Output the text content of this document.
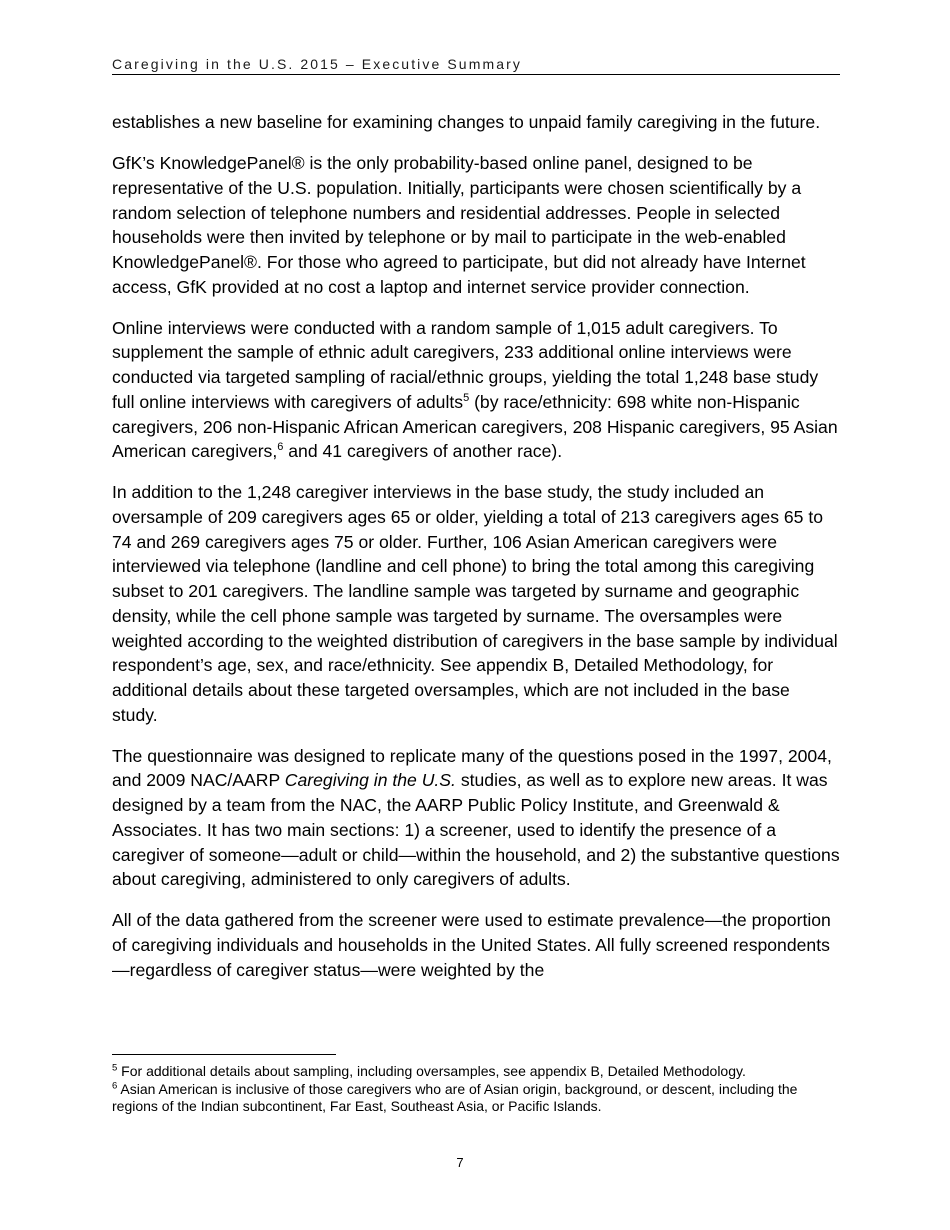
Caregiving in the U.S. 2015 – Executive Summary

establishes a new baseline for examining changes to unpaid family caregiving in the future.

GfK’s KnowledgePanel® is the only probability-based online panel, designed to be representative of the U.S. population. Initially, participants were chosen scientifically by a random selection of telephone numbers and residential addresses. People in selected households were then invited by telephone or by mail to participate in the web-enabled KnowledgePanel®. For those who agreed to participate, but did not already have Internet access, GfK provided at no cost a laptop and internet service provider connection.

Online interviews were conducted with a random sample of 1,015 adult caregivers. To supplement the sample of ethnic adult caregivers, 233 additional online interviews were conducted via targeted sampling of racial/ethnic groups, yielding the total 1,248 base study full online interviews with caregivers of adults$^5$ (by race/ethnicity: 698 white non-Hispanic caregivers, 206 non-Hispanic African American caregivers, 208 Hispanic caregivers, 95 Asian American caregivers,$^6$ and 41 caregivers of another race).

In addition to the 1,248 caregiver interviews in the base study, the study included an oversample of 209 caregivers ages 65 or older, yielding a total of 213 caregivers ages 65 to 74 and 269 caregivers ages 75 or older. Further, 106 Asian American caregivers were interviewed via telephone (landline and cell phone) to bring the total among this caregiving subset to 201 caregivers. The landline sample was targeted by surname and geographic density, while the cell phone sample was targeted by surname. The oversamples were weighted according to the weighted distribution of caregivers in the base sample by individual respondent’s age, sex, and race/ethnicity. See appendix B, Detailed Methodology, for additional details about these targeted oversamples, which are not included in the base study.

The questionnaire was designed to replicate many of the questions posed in the 1997, 2004, and 2009 NAC/AARP Caregiving in the U.S. studies, as well as to explore new areas. It was designed by a team from the NAC, the AARP Public Policy Institute, and Greenwald & Associates. It has two main sections: 1) a screener, used to identify the presence of a caregiver of someone—adult or child—within the household, and 2) the substantive questions about caregiving, administered to only caregivers of adults.

All of the data gathered from the screener were used to estimate prevalence—the proportion of caregiving individuals and households in the United States. All fully screened respondents—regardless of caregiver status—were weighted by the

$^5$ For additional details about sampling, including oversamples, see appendix B, Detailed Methodology.

$^6$ Asian American is inclusive of those caregivers who are of Asian origin, background, or descent, including the regions of the Indian subcontinent, Far East, Southeast Asia, or Pacific Islands.

7
